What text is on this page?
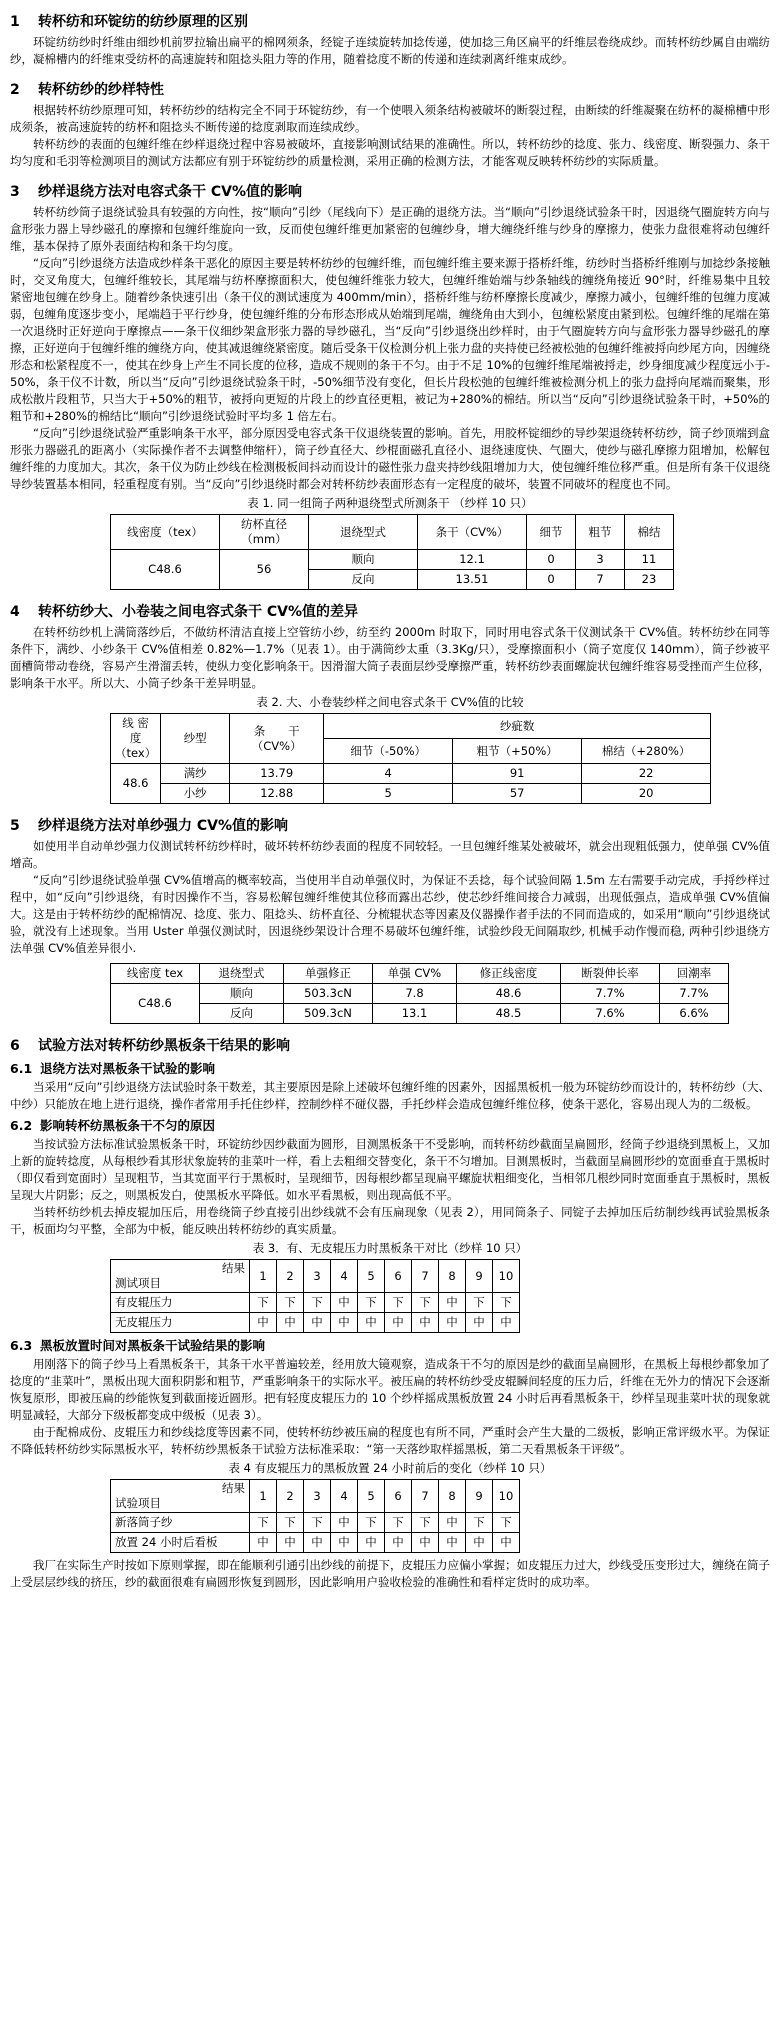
1 转杯纺和环锭纺的纺纱原理的区别

环锭纺纺纱时纤维由细纱机前罗拉输出扁平的棉网须条，经锭子连续旋转加捻传递，使加捻三角区扁平的纤维层卷绕成纱。而转杯纺纱属自由端纺纱，凝棉槽内的纤维束受纺杯的高速旋转和阻捻头阻力等的作用，随着捻度不断的传递和连续剥离纤维束成纱。

2 转杯纺纱的纱样特性

根据转杯纺纱原理可知，转杯纺纱的结构完全不同于环锭纺纱，有一个使喂入须条结构被破坏的断裂过程，由断续的纤维凝聚在纺杯的凝棉槽中形成须条，被高速旋转的纺杯和阻捻头不断传递的捻度剥取而连续成纱。

转杯纺纱的表面的包缠纤维在纱样退绕过程中容易被破坏，直接影响测试结果的准确性。所以，转杯纺纱的捻度、张力、线密度、断裂强力、条干均匀度和毛羽等检测项目的测试方法都应有别于环锭纺纱的质量检测，采用正确的检测方法，才能客观反映转杯纺纱的实际质量。

3 纱样退绕方法对电容式条干 CV%值的影响

转杯纺纱筒子退绕试验具有较强的方向性，按“顺向”引纱（尾线向下）是正确的退绕方法。当“顺向”引纱退绕试验条干时，因退绕气圈旋转方向与盒形张力器上导纱磁孔的摩擦和包缠纤维旋向一致，反而使包缠纤维更加紧密的包缠纱身，增大缠绕纤维与纱身的摩擦力，使张力盘很难将动包缠纤维，基本保持了原外表面结构和条干均匀度。

“反向”引纱退绕方法造成纱样条干恶化的原因主要是转杯纺纱的包缠纤维，而包缠纤维主要来源于搭桥纤维，纺纱时当搭桥纤维刚与加捻纱条接触时，交叉角度大，包缠纤维较长，其尾端与纺杯摩擦面积大，使包缠纤维张力较大，包缠纤维始端与纱条轴线的缠绕角接近 90°时，纤维易集中且较紧密地包缠在纱身上。随着纱条快速引出（条干仪的测试速度为 400mm/min），搭桥纤维与纺杯摩擦长度减少，摩擦力减小，包缠纤维的包缠力度减弱，包缠角度逐步变小，尾端趋于平行纱身，使包缠纤维的分布形态形成从始端到尾端，缠绕角由大到小，包缠松紧度由紧到松。包缠纤维的尾端在第一次退绕时正好逆向于摩擦点——条干仪细纱架盒形张力器的导纱磁孔，当“反向”引纱退绕出纱样时，由于气圈旋转方向与盒形张力器导纱磁孔的摩擦，正好逆向于包缠纤维的缠绕方向，使其减退缠绕紧密度。随后受条干仪检测分机上张力盘的夹持使已经被松弛的包缠纤维被捋向纱尾方向，因缠绕形态和松紧程度不一，使其在纱身上产生不同长度的位移，造成不规则的条干不匀。由于不足 10%的包缠纤维尾端被捋走，纱身细度减少程度远小于-50%，条干仪不计数，所以当“反向”引纱退绕试验条干时，-50%细节没有变化，但长片段松弛的包缠纤维被检测分机上的张力盘捋向尾端而聚集，形成松散片段粗节，只当大于+50%的粗节，被捋向更短的片段上的纱直径更粗，被记为+280%的棉结。所以当“反向”引纱退绕试验条干时，+50%的粗节和+280%的棉结比“顺向”引纱退绕试验时平均多 1 倍左右。

“反向”引纱退绕试验严重影响条干水平，部分原因受电容式条干仪退绕装置的影响。首先，用胶杯锭细纱的导纱架退绕转杯纺纱，筒子纱顶端到盒形张力器磁孔的距离小（实际操作者不去调整伸缩杆），筒子纱直径大、纱棍面磁孔直径小、退绕速度快、气圈大，使纱与磁孔摩擦力阻增加，松解包缠纤维的力度加大。其次，条干仪为防止纱线在检测极板间抖动而设计的磁性张力盘夹持纱线阻增加力大，使包缠纤维位移严重。但是所有条干仪退绕导纱装置基本相同，轻重程度有别。当“反向”引纱退绕时都会对转杯纺纱表面形态有一定程度的破坏，装置不同破坏的程度也不同。

表 1. 同一组筒子两种退绕型式所测条干 （纱样 10 只）
线密度（tex）	纺杯直径（mm）	退绕型式	条干（CV%）	细节	粗节	棉结
C48.6	56	顺向	12.1	0	3	11
		反向	13.51	0	7	23
4 转杯纺纱大、小卷装之间电容式条干 CV%值的差异

在转杯纺纱机上满筒落纱后，不做纺杯清洁直接上空管纺小纱，纺至约 2000m 时取下，同时用电容式条干仪测试条干 CV%值。转杯纺纱在同等条件下，满纱、小纱条干 CV%值相差 0.82%—1.7%（见表 1）。由于满筒纱太重（3.3Kg/只），受摩擦面积小（筒子宽度仅 140mm），筒子纱被平面槽筒带动卷绕，容易产生滑溜丢转，使纵力变化影响条干。因滑溜大筒子表面层纱受摩擦严重，转杯纺纱表面螺旋状包缠纤维容易受挫而产生位移，影响条干水平。所以大、小筒子纱条干差异明显。

表 2. 大、小卷装纱样之间电容式条干 CV%值的比较
线 密 度（tex）	纱型	条　　干（CV%）	纱疵数		
			细节（-50%）	粗节（+50%）	棉结（+280%）
48.6	满纱	13.79	4	91	22
	小纱	12.88	5	57	20
5 纱样退绕方法对单纱强力 CV%值的影响

如使用半自动单纱强力仪测试转杯纺纱样时，破坏转杯纺纱表面的程度不同较轻。一旦包缠纤维某处被破坏，就会出现粗低强力，使单强 CV%值增高。

“反向”引纱退绕试验单强 CV%值增高的概率较高，当使用半自动单强仪时，为保证不丢捻，每个试验间隔 1.5m 左右需要手动完成，手捋纱样过程中，如“反向”引纱退绕，有时因操作不当，容易松解包缠纤维使其位移而露出芯纱，使芯纱纤维间接合力减弱，出现低强点，造成单强 CV%值偏大。这是由于转杯纺纱的配棉情况、捻度、张力、阻捻头、纺杯直径、分梳辊状态等因素及仪器操作者手法的不同而造成的，如采用“顺向”引纱退绕试验，就没有上述现象。当用 Uster 单强仪测试时，因退绕纱架设计合理不易破坏包缠纤维，试验纱段无间隔取纱, 机械手动作慢而稳, 两种引纱退绕方法单强 CV%值差异很小.

线密度 tex	退绕型式	单强修正	单强 CV%	修正线密度	断裂伸长率	回潮率
C48.6	顺向	503.3cN	7.8	48.6	7.7%	7.7%
	反向	509.3cN	13.1	48.5	7.6%	6.6%
6 试验方法对转杯纺纱黑板条干结果的影响
6.1 退绕方法对黑板条干试验的影响

当采用“反向”引纱退绕方法试验时条干数差，其主要原因是除上述破坏包缠纤维的因素外，因摇黑板机一般为环锭纺纱而设计的，转杯纺纱（大、中纱）只能放在地上进行退绕，操作者常用手托住纱样，控制纱样不碰仪器，手托纱样会造成包缠纤维位移，使条干恶化，容易出现人为的二级板。

6.2 影响转杯纺黑板条干不匀的原因

当按试验方法标准试验黑板条干时，环锭纺纱因纱截面为圆形，目测黑板条干不受影响，而转杯纺纱截面呈扁圆形，经筒子纱退绕到黑板上，又加上新的旋转捻度，从每根纱看其形状象旋转的韭菜叶一样，看上去粗细交替变化，条干不匀增加。目测黑板时，当截面呈扁圆形纱的宽面垂直于黑板时（即仅看到宽面时）呈现粗节，当其宽面平行于黑板时，呈现细节，因每根纱都呈现扁平螺旋状粗细变化，当相邻几根纱同时宽面垂直于黑板时，黑板呈现大片阴影；反之，则黑板发白，使黑板水平降低。如水平看黑板，则出现高低不平。

当转杯纺纱机去掉皮辊加压后，用卷绕筒子纱直接引出纱线就不会有压扁现象（见表 2），用同筒条子、同锭子去掉加压后纺制纱线再试验黑板条干，板面均匀平整，全部为中板，能反映出转杯纺纱的真实质量。

表 3．有、无皮辊压力时黑板条干对比（纱样 10 只）
结果
测试项目	1	2	3	4	5	6	7	8	9	10
有皮辊压力	下	下	下	中	下	下	下	中	下	下
无皮辊压力	中	中	中	中	中	中	中	中	中	中
6.3 黑板放置时间对黑板条干试验结果的影响

用刚落下的筒子纱马上看黑板条干，其条干水平普遍较差，经用放大镜观察，造成条干不匀的原因是纱的截面呈扁圆形，在黑板上每根纱都象加了捻度的“韭菜叶”，黑板出现大面积阴影和粗节，严重影响条干的实际水平。被压扁的转杯纺纱受皮辊瞬间轻度的压力后，纤维在无外力的情况下会逐渐恢复原形，即被压扁的纱能恢复到截面接近圆形。把有轻度皮辊压力的 10 个纱样摇成黑板放置 24 小时后再看黑板条干，纱样呈现韭菜叶状的现象就明显减轻，大部分下级板都变成中级板（见表 3）。

由于配棉成份、皮辊压力和纱线捻度等因素不同，使转杯纺纱被压扁的程度也有所不同，严重时会产生大量的二级板，影响正常评级水平。为保证不降低转杯纺纱实际黑板水平，转杯纺纱黑板条干试验方法标准采取：“第一天落纱取样摇黑板，第二天看黑板条干评级”。

表 4 有皮辊压力的黑板放置 24 小时前后的变化（纱样 10 只）
结果
试验项目	1	2	3	4	5	6	7	8	9	10
新落筒子纱	下	下	下	中	下	下	下	中	下	下
放置 24 小时后看板	中	中	中	中	中	中	中	中	中	中

我厂在实际生产时按如下原则掌握，即在能顺利引通引出纱线的前提下，皮辊压力应偏小掌握；如皮辊压力过大，纱线受压变形过大，缠绕在筒子上受层层纱线的挤压，纱的截面很难有扁圆形恢复到圆形，因此影响用户验收检验的准确性和看样定货时的成功率。
